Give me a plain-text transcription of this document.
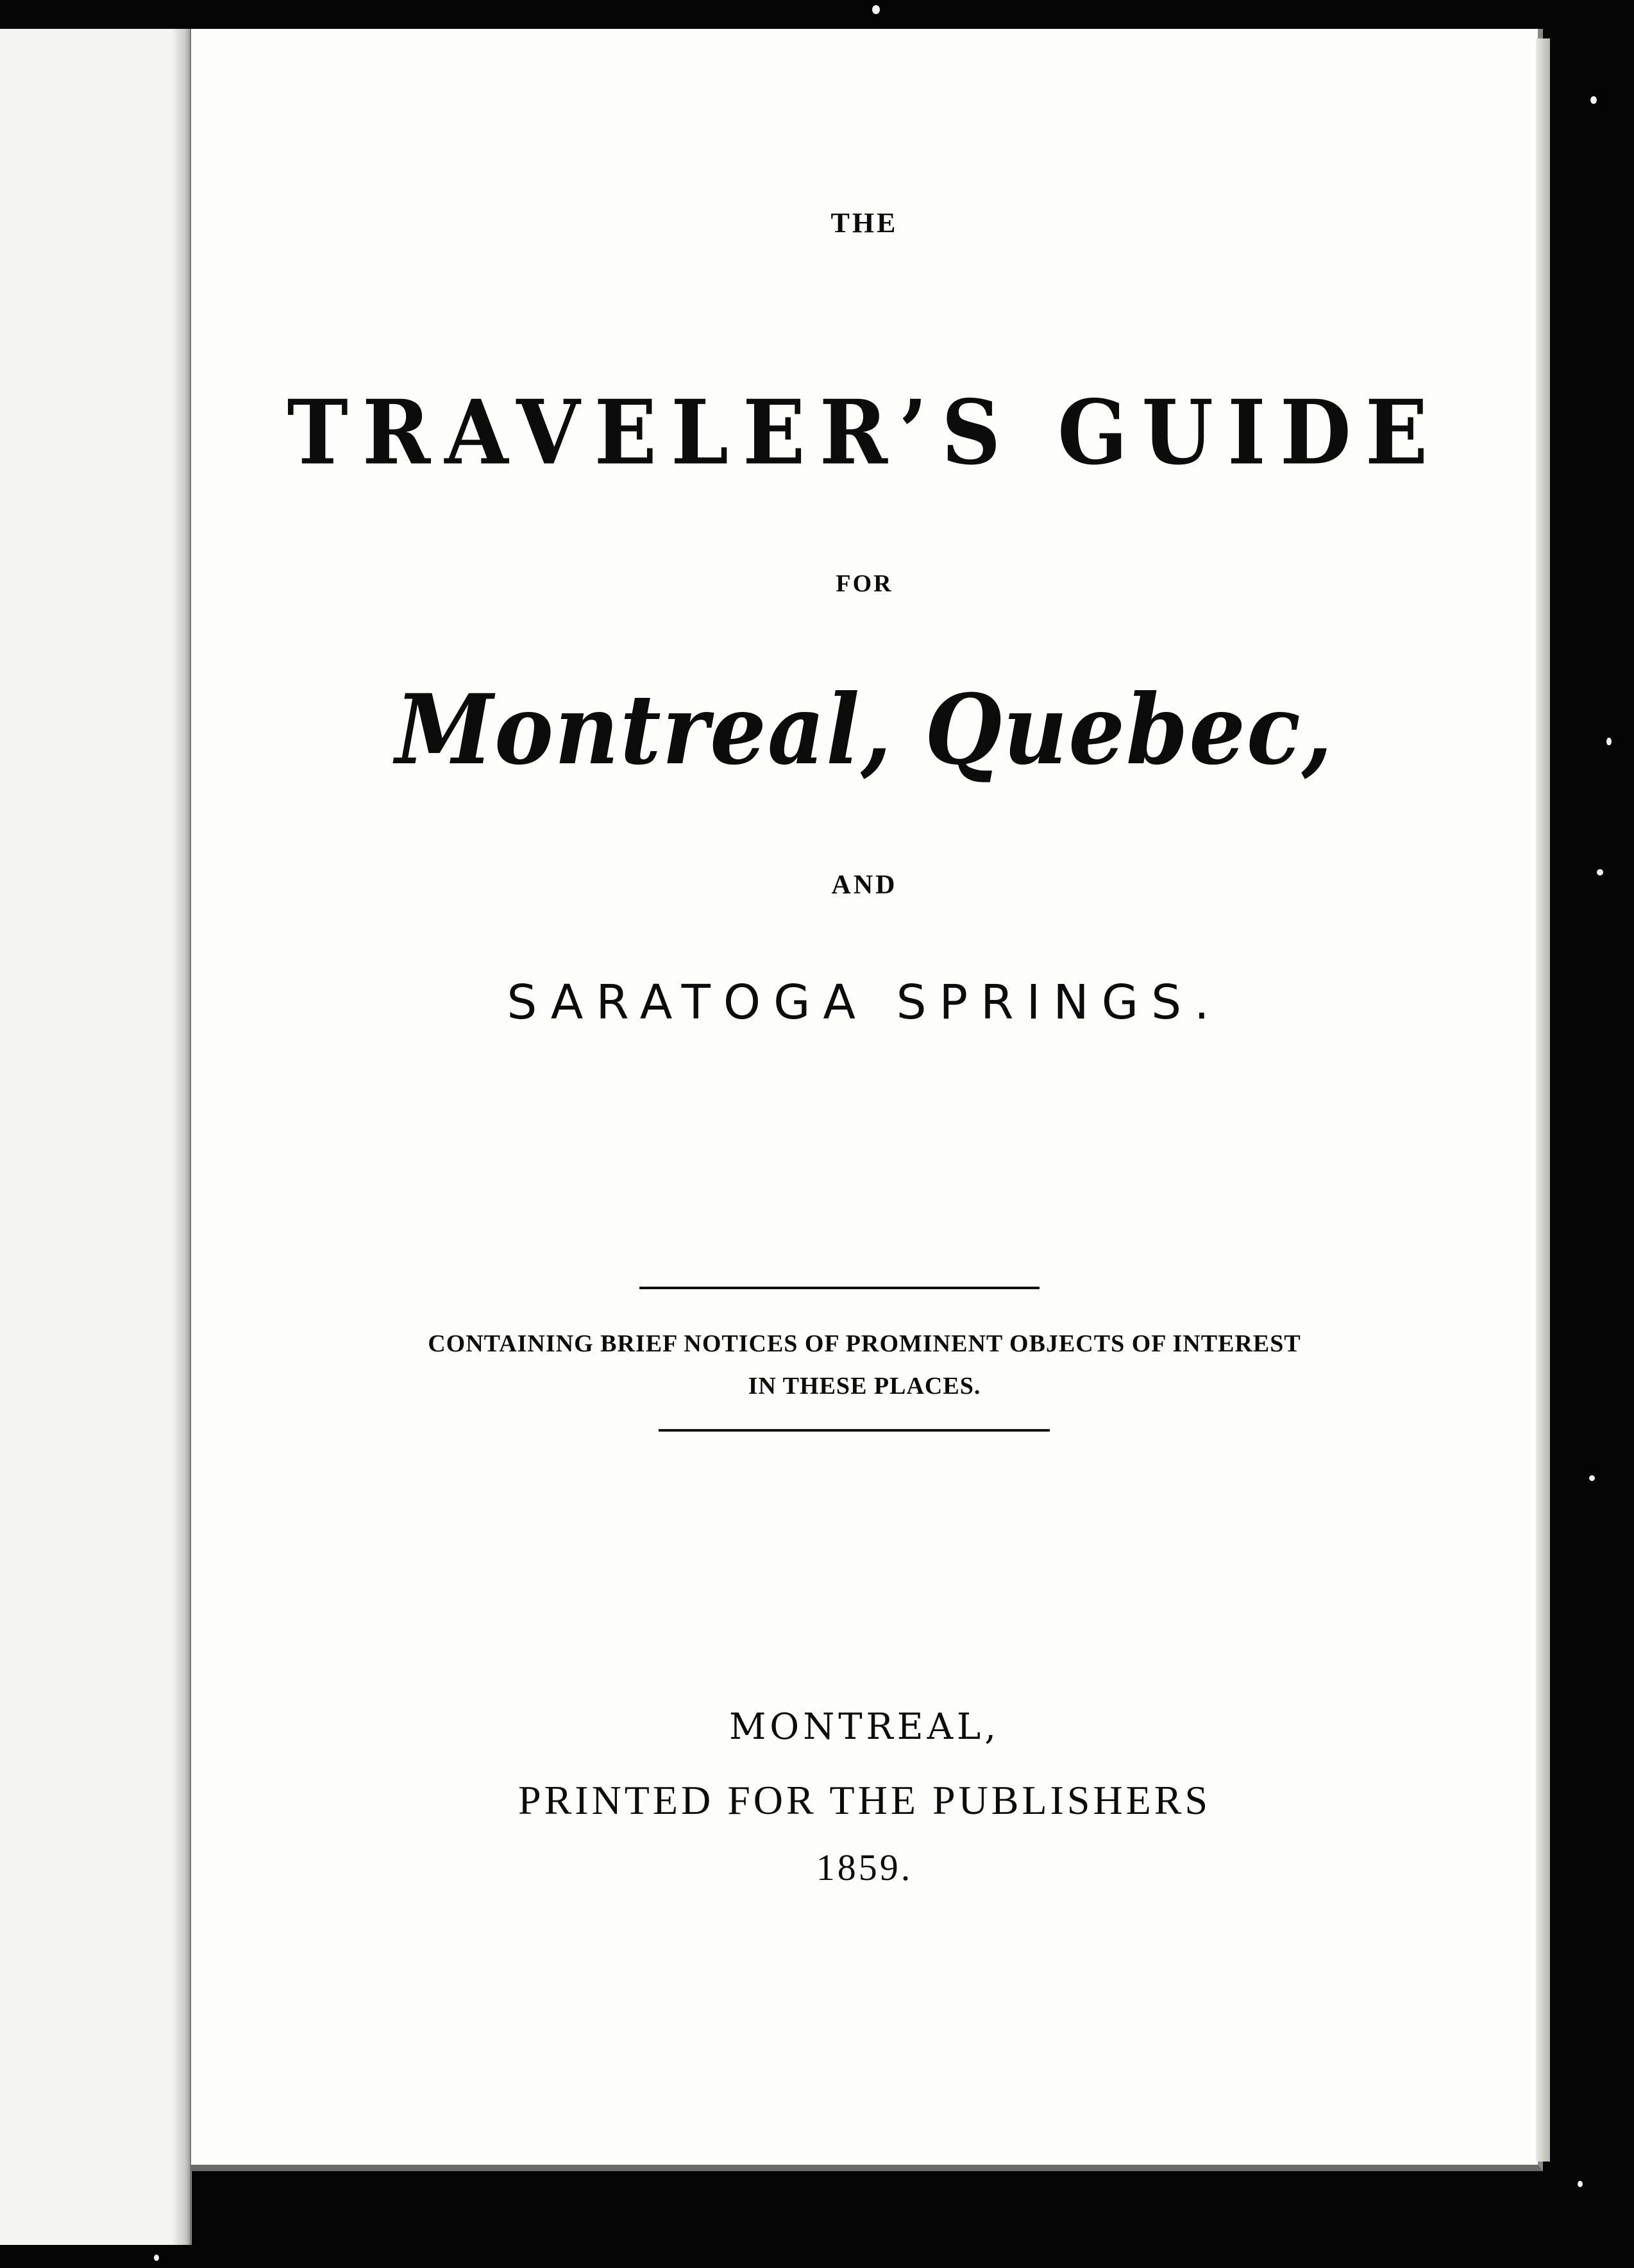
THE

TRAVELER’S GUIDE

FOR

Montreal, Quebec,

AND

SARATOGA SPRINGS.

CONTAINING BRIEF NOTICES OF PROMINENT OBJECTS OF INTEREST
IN THESE PLACES.

MONTREAL,

PRINTED FOR THE PUBLISHERS

1859.
